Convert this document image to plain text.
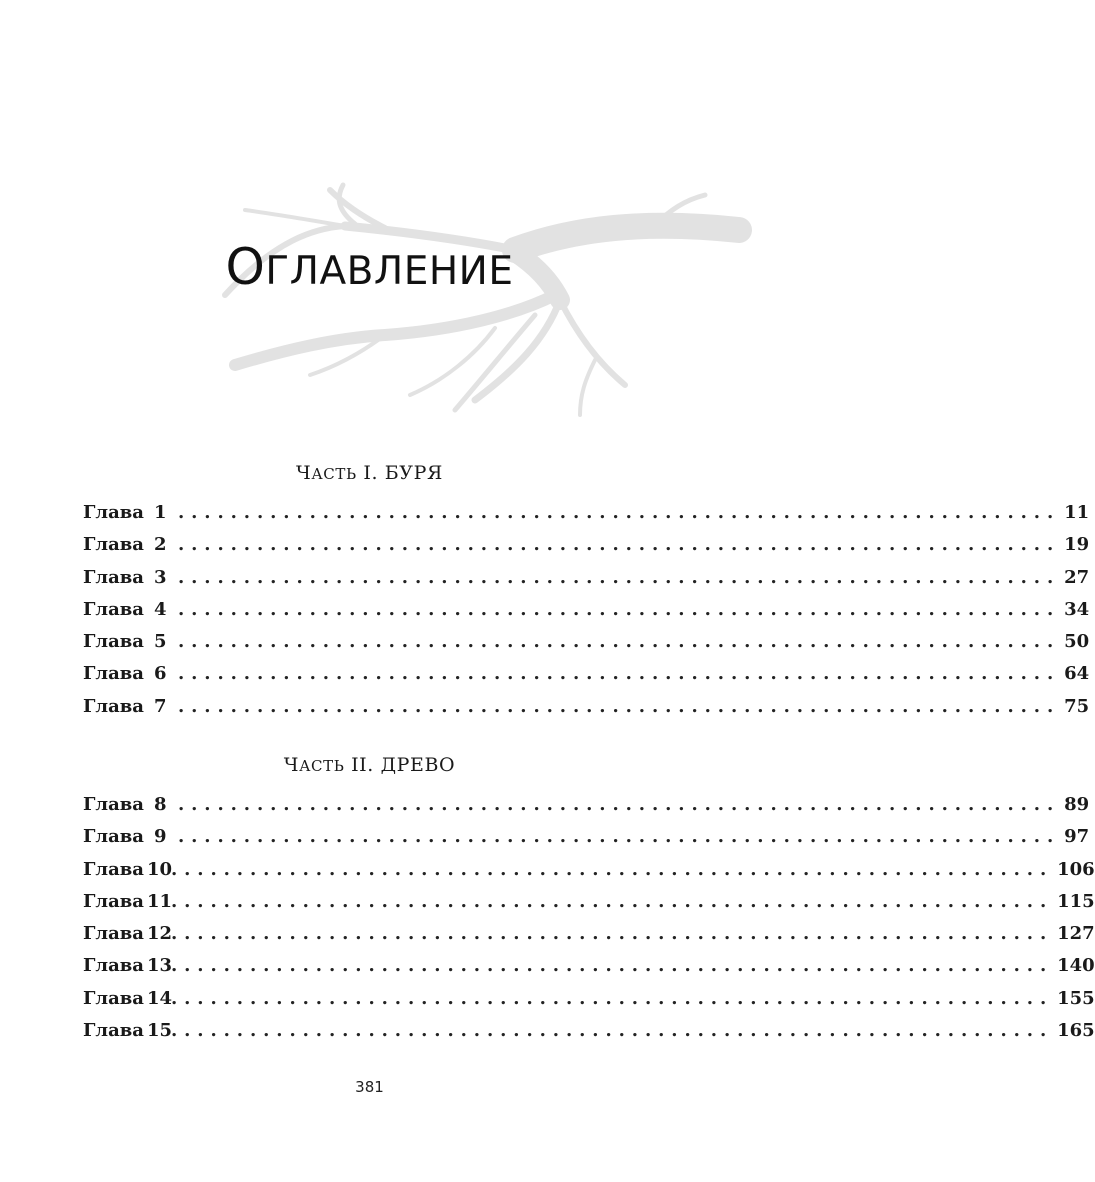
ОГЛАВЛЕНИЕ
ЧАСТЬ I. БУРЯ
Глава 1 ................................................................... 11
Глава 2 ................................................................... 19
Глава 3 ................................................................... 27
Глава 4 ................................................................... 34
Глава 5 ................................................................... 50
Глава 6 ................................................................... 64
Глава 7 ................................................................... 75
ЧАСТЬ II. ДРЕВО
Глава 8 ................................................................... 89
Глава 9 ................................................................... 97
Глава 10
................................................................... 106
Глава 11
................................................................... 115
Глава 12
................................................................... 127
Глава 13
................................................................... 140
Глава 14
................................................................... 155
Глава 15
................................................................... 165
381
